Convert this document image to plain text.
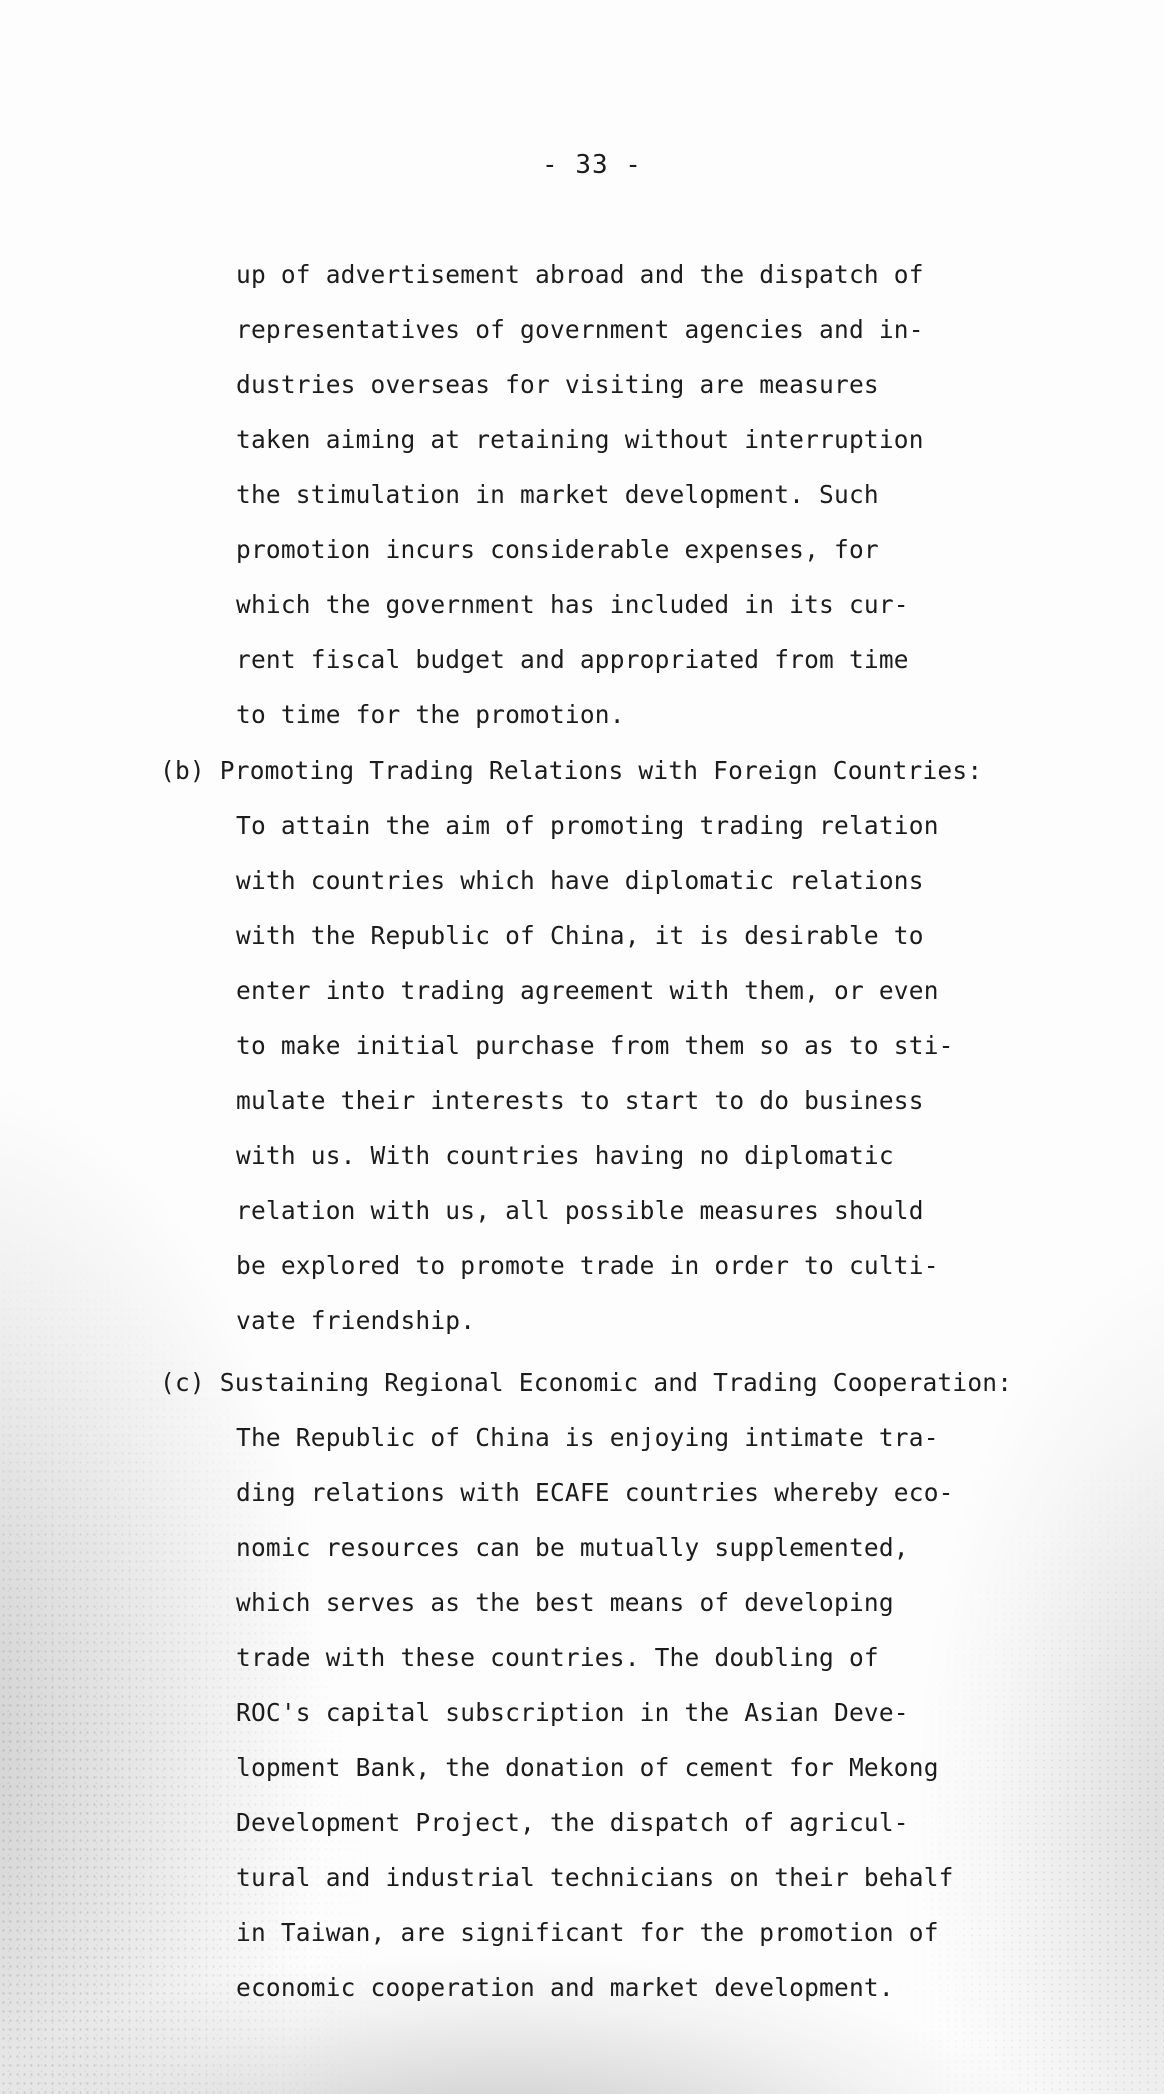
- 33 -
up of advertisement abroad and the dispatch of
representatives of government agencies and in-
dustries overseas for visiting are measures
taken aiming at retaining without interruption
the stimulation in market development. Such
promotion incurs considerable expenses, for
which the government has included in its cur-
rent fiscal budget and appropriated from time
to time for the promotion.
(b) Promoting Trading Relations with Foreign Countries:
To attain the aim of promoting trading relation
with countries which have diplomatic relations
with the Republic of China, it is desirable to
enter into trading agreement with them, or even
to make initial purchase from them so as to sti-
mulate their interests to start to do business
with us. With countries having no diplomatic
relation with us, all possible measures should
be explored to promote trade in order to culti-
vate friendship.
(c) Sustaining Regional Economic and Trading Cooperation:
The Republic of China is enjoying intimate tra-
ding relations with ECAFE countries whereby eco-
nomic resources can be mutually supplemented,
which serves as the best means of developing
trade with these countries. The doubling of
ROC's capital subscription in the Asian Deve-
lopment Bank, the donation of cement for Mekong
Development Project, the dispatch of agricul-
tural and industrial technicians on their behalf
in Taiwan, are significant for the promotion of
economic cooperation and market development.
